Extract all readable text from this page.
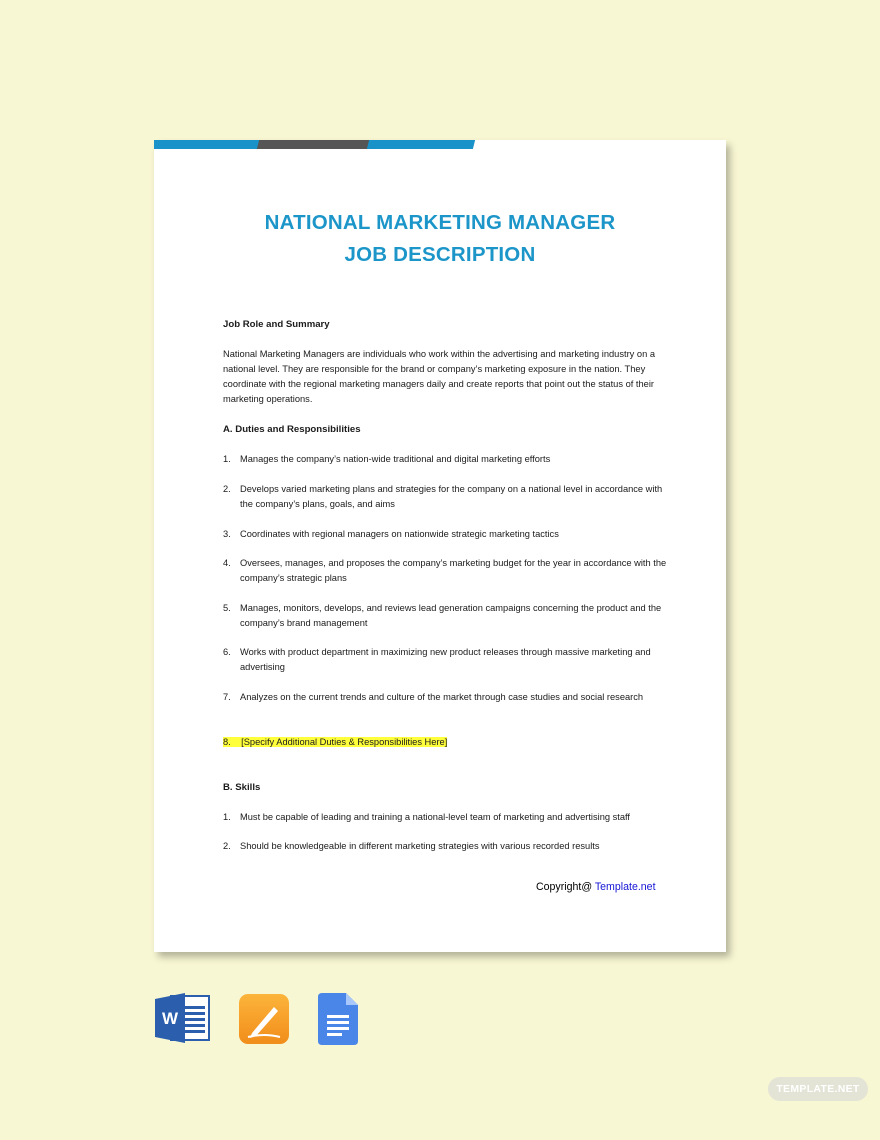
NATIONAL MARKETING MANAGER
JOB DESCRIPTION
Job Role and Summary
National Marketing Managers are individuals who work within the advertising and marketing industry on a national level. They are responsible for the brand or company’s marketing exposure in the nation. They coordinate with the regional marketing managers daily and create reports that point out the status of their marketing operations.
A. Duties and Responsibilities
1. Manages the company’s nation-wide traditional and digital marketing efforts
2. Develops varied marketing plans and strategies for the company on a national level in accordance with the company’s plans, goals, and aims
3. Coordinates with regional managers on nationwide strategic marketing tactics
4. Oversees, manages, and proposes the company’s marketing budget for the year in accordance with the company’s strategic plans
5. Manages, monitors, develops, and reviews lead generation campaigns concerning the product and the company’s brand management
6. Works with product department in maximizing new product releases through massive marketing and advertising
7. Analyzes on the current trends and culture of the market through case studies and social research
8. [Specify Additional Duties & Responsibilities Here]
B. Skills
1. Must be capable of leading and training a national-level team of marketing and advertising staff
2. Should be knowledgeable in different marketing strategies with various recorded results
Copyright@ Template.net
W
TEMPLATE.NET
